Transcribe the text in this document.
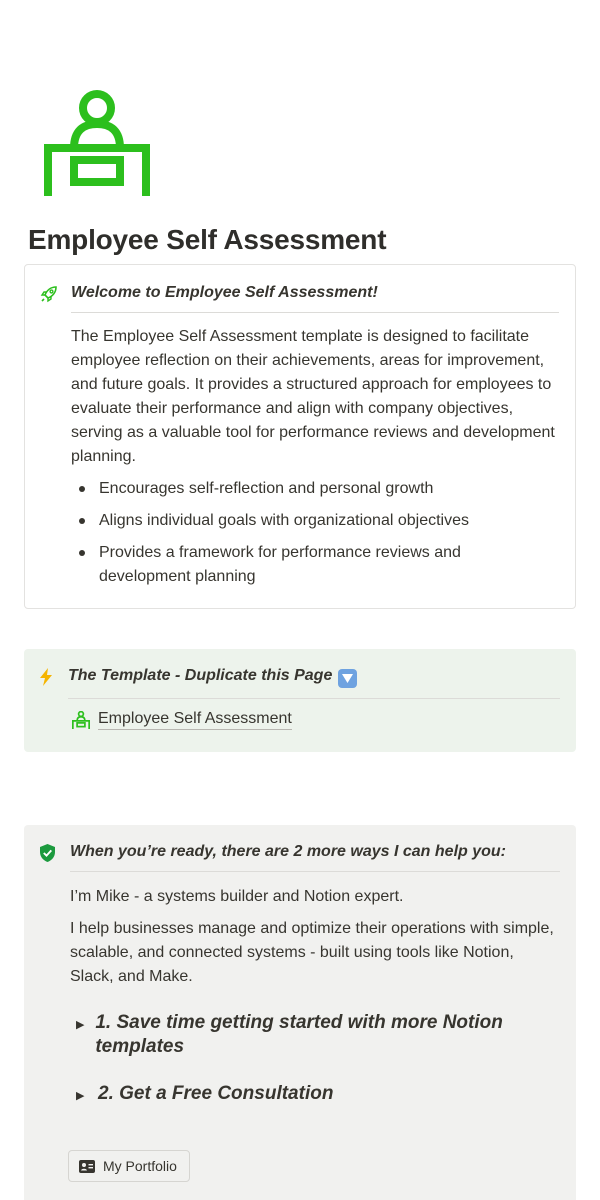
Employee Self Assessment
Welcome to Employee Self Assessment!

The Employee Self Assessment template is designed to facilitate employee reflection on their achievements, areas for improvement, and future goals. It provides a structured approach for employees to evaluate their performance and align with company objectives, serving as a valuable tool for performance reviews and development planning.

Encourages self-reflection and personal growth
Aligns individual goals with organizational objectives
Provides a framework for performance reviews and development planning
The Template - Duplicate this Page
Employee Self Assessment
When you’re ready, there are 2 more ways I can help you:

I’m Mike - a systems builder and Notion expert.

I help businesses manage and optimize their operations with simple, scalable, and connected systems - built using tools like Notion, Slack, and Make.

▶ 1. Save time getting started with more Notion templates
▶ 2. Get a Free Consultation
My Portfolio
